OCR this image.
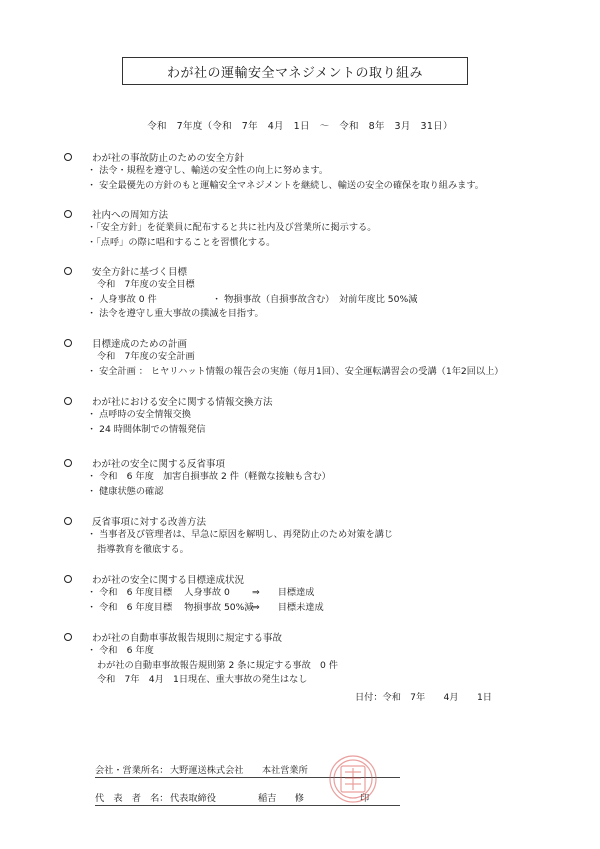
わが社の運輸安全マネジメントの取り組み
令和　7年度（令和　7年　4月　1日　～　令和　8年　3月　31日）
わが社の事故防止のための安全方針
・ 法令・規程を遵守し、輸送の安全性の向上に努めます。
・ 安全最優先の方針のもと運輸安全マネジメントを継続し、輸送の安全の確保を取り組みます。
社内への周知方法
・「安全方針」を従業員に配布すると共に社内及び営業所に掲示する。
・「点呼」の際に唱和することを習慣化する。
安全方針に基づく目標
令和　7年度の安全目標
・ 人身事故 0 件	・ 物損事故（自損事故含む）　対前年度比 50%減
・ 法令を遵守し重大事故の撲滅を目指す。
目標達成のための計画
令和　7年度の安全計画
・ 安全計画 ： ヒヤリハット情報の報告会の実施（毎月1回）、安全運転講習会の受講（1年2回以上）
わが社における安全に関する情報交換方法
・ 点呼時の安全情報交換
・ 24 時間体制での情報発信
わが社の安全に関する反省事項
・ 令和　6 年度　加害自損事故 2 件（軽微な接触も含む）
・ 健康状態の確認
反省事項に対する改善方法
・ 当事者及び管理者は、早急に原因を解明し、再発防止のため対策を講じ
指導教育を徹底する。
わが社の安全に関する目標達成状況
・ 令和　6 年度目標　 人身事故 0 ⇒ 目標達成
・ 令和　6 年度目標　 物損事故 50%減⇒ 目標未達成
わが社の自動車事故報告規則に規定する事故
・ 令和　6 年度
わが社の自動車事故報告規則第 2 条に規定する事故　0 件
令和　7年　4月　1日現在、重大事故の発生はなし
日付：令和　7年　　4月　　1日
会社・営業所名： 大野運送株式会社　　本社営業所
代　表　者　名： 代表取締役	稲吉　　修	印
